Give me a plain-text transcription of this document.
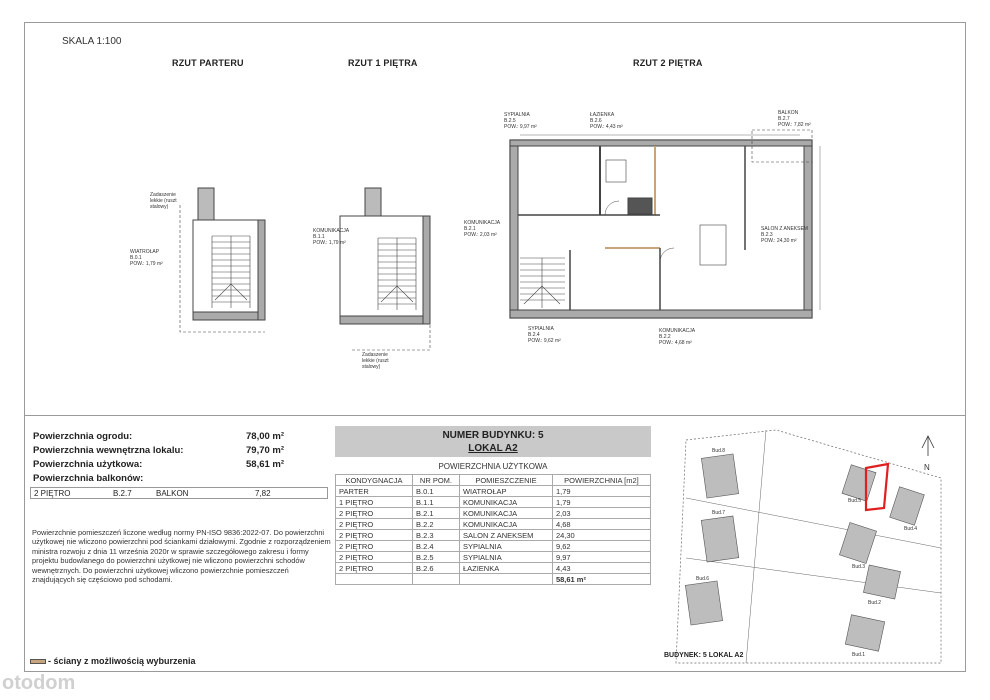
SKALA 1:100
RZUT PARTERU	RZUT 1 PIĘTRA	RZUT 2 PIĘTRA
Zadaszenie
lekkie (ruszt
stalowy)
WIATROŁAP
B.0.1
POW.: 1,79 m²
KOMUNIKACJA
B.1.1
POW.: 1,79 m²
Zadaszenie
lekkie (ruszt
stalowy)
SYPIALNIA
B.2.5
POW.: 9,97 m²
ŁAZIENKA
B.2.6
POW.: 4,43 m²
BALKON
B.2.7
POW.: 7,82 m²
KOMUNIKACJA
B.2.1
POW.: 2,03 m²
SALON Z ANEKSEM
B.2.3
POW.: 24,30 m²
SYPIALNIA
B.2.4
POW.: 9,62 m²
KOMUNIKACJA
B.2.2
POW.: 4,68 m²
Powierzchnia ogrodu:	78,00 m²
Powierzchnia wewnętrzna lokalu:	79,70 m²
Powierzchnia użytkowa:	58,61 m²
Powierzchnia balkonów:
2 PIĘTRO	B.2.7	BALKON	7,82
Powierzchnie pomieszczeń liczone według normy PN-ISO 9836:2022-07. Do powierzchni użytkowej nie wliczono powierzchni pod ściankami działowymi. Zgodnie z rozporządzeniem ministra rozwoju z dnia 11 września 2020r w sprawie szczegółowego zakresu i formy projektu budowlanego do powierzchni użytkowej nie wliczono powierzchni schodów wewnętrznych. Do powierzchni użytkowej wliczono powierzchnie pomieszczeń znajdujących się częściowo pod schodami.
- ściany z możliwością wyburzenia
NUMER BUDYNKU: 5
LOKAL A2
POWIERZCHNIA UŻYTKOWA
KONDYGNACJA	NR POM.	POMIESZCZENIE	POWIERZCHNIA [m2]
PARTER	B.0.1	WIATROŁAP	1,79
1 PIĘTRO	B.1.1	KOMUNIKACJA	1,79
2 PIĘTRO	B.2.1	KOMUNIKACJA	2,03
2 PIĘTRO	B.2.2	KOMUNIKACJA	4,68
2 PIĘTRO	B.2.3	SALON Z ANEKSEM	24,30
2 PIĘTRO	B.2.4	SYPIALNIA	9,62
2 PIĘTRO	B.2.5	SYPIALNIA	9,97
2 PIĘTRO	B.2.6	ŁAZIENKA	4,43
			58,61 m²
Bud.8
Bud.7
Bud.6
Bud.5
Bud.4
Bud.3
Bud.2
Bud.1
N
BUDYNEK: 5 LOKAL A2
otodom
